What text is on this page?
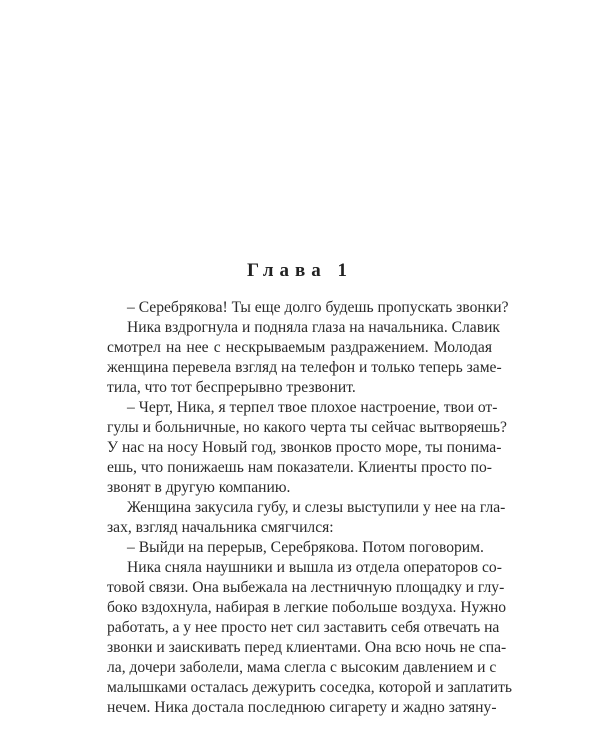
Глава 1
– Серебрякова! Ты еще долго будешь пропускать звонки?
Ника вздрогнула и подняла глаза на начальника. Славик
смотрел на нее с нескрываемым раздражением. Молодая
женщина перевела взгляд на телефон и только теперь заме-
тила, что тот беспрерывно трезвонит.
– Черт, Ника, я терпел твое плохое настроение, твои от-
гулы и больничные, но какого черта ты сейчас вытворяешь?
У нас на носу Новый год, звонков просто море, ты понима-
ешь, что понижаешь нам показатели. Клиенты просто по-
звонят в другую компанию.
Женщина закусила губу, и слезы выступили у нее на гла-
зах, взгляд начальника смягчился:
– Выйди на перерыв, Серебрякова. Потом поговорим.
Ника сняла наушники и вышла из отдела операторов со-
товой связи. Она выбежала на лестничную площадку и глу-
боко вздохнула, набирая в легкие побольше воздуха. Нужно
работать, а у нее просто нет сил заставить себя отвечать на
звонки и заискивать перед клиентами. Она всю ночь не спа-
ла, дочери заболели, мама слегла с высоким давлением и с
малышками осталась дежурить соседка, которой и заплатить
нечем. Ника достала последнюю сигарету и жадно затяну-
